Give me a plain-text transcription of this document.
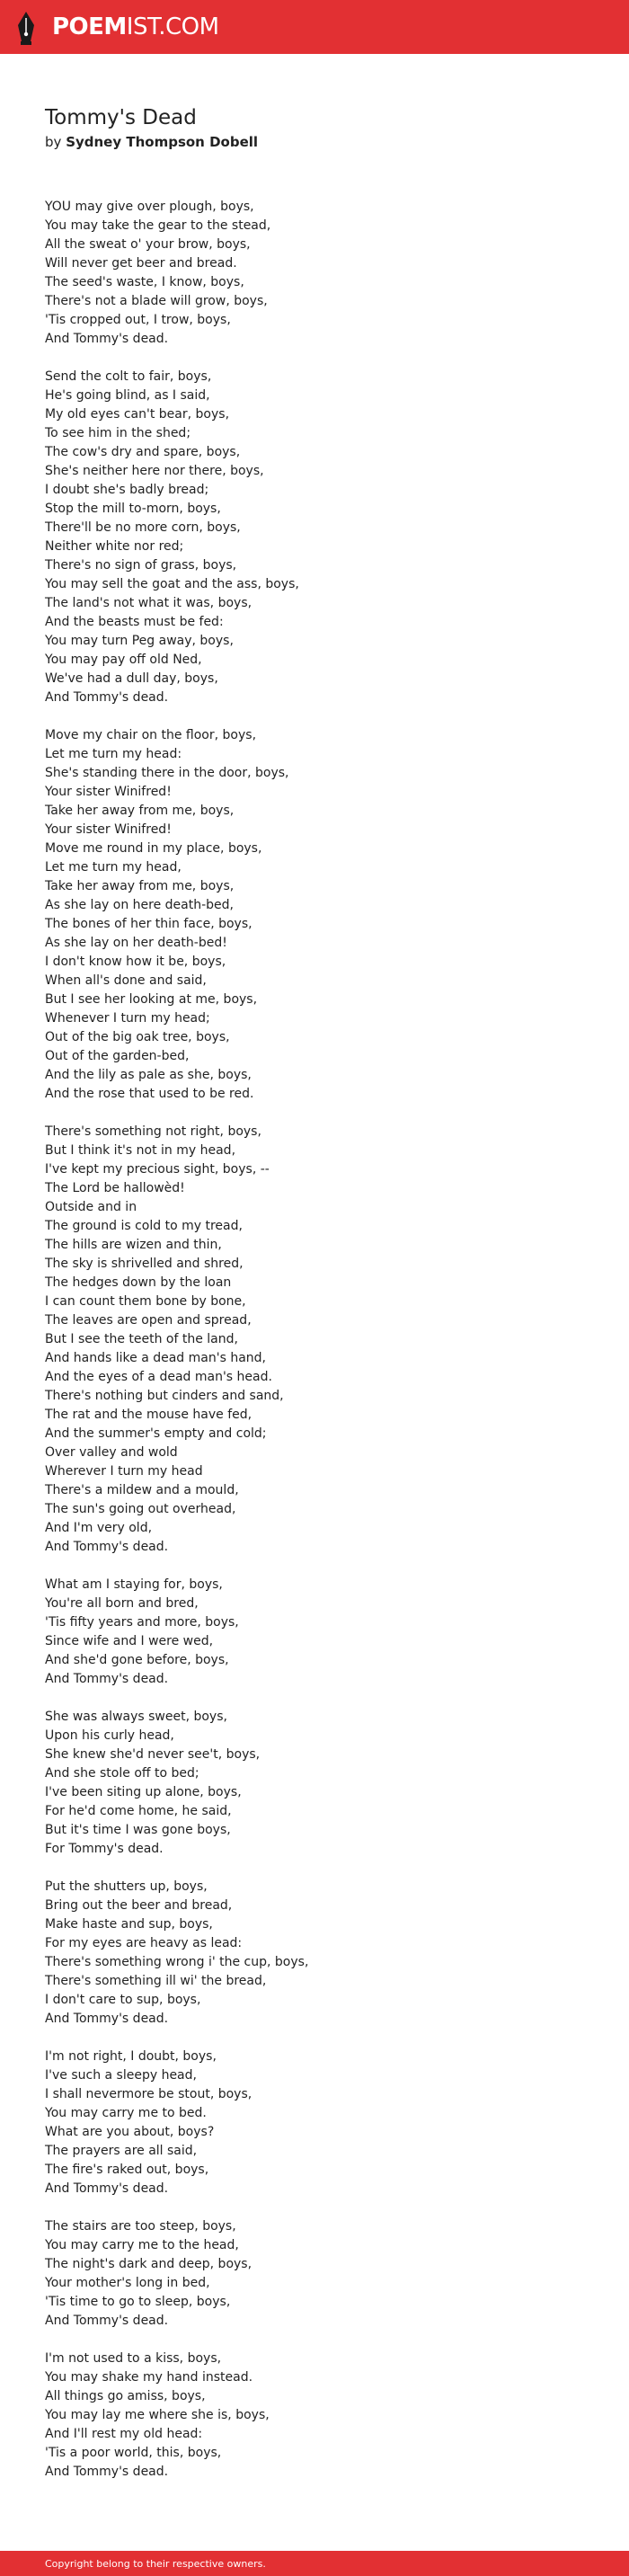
POEMIST.COM
Tommy's Dead
by Sydney Thompson Dobell
YOU may give over plough, boys,
You may take the gear to the stead,
All the sweat o' your brow, boys,
Will never get beer and bread.
The seed's waste, I know, boys,
There's not a blade will grow, boys,
'Tis cropped out, I trow, boys,
And Tommy's dead.
Send the colt to fair, boys,
He's going blind, as I said,
My old eyes can't bear, boys,
To see him in the shed;
The cow's dry and spare, boys,
She's neither here nor there, boys,
I doubt she's badly bread;
Stop the mill to-morn, boys,
There'll be no more corn, boys,
Neither white nor red;
There's no sign of grass, boys,
You may sell the goat and the ass, boys,
The land's not what it was, boys,
And the beasts must be fed:
You may turn Peg away, boys,
You may pay off old Ned,
We've had a dull day, boys,
And Tommy's dead.
Move my chair on the floor, boys,
Let me turn my head:
She's standing there in the door, boys,
Your sister Winifred!
Take her away from me, boys,
Your sister Winifred!
Move me round in my place, boys,
Let me turn my head,
Take her away from me, boys,
As she lay on here death-bed,
The bones of her thin face, boys,
As she lay on her death-bed!
I don't know how it be, boys,
When all's done and said,
But I see her looking at me, boys,
Whenever I turn my head;
Out of the big oak tree, boys,
Out of the garden-bed,
And the lily as pale as she, boys,
And the rose that used to be red.
There's something not right, boys,
But I think it's not in my head,
I've kept my precious sight, boys, --
The Lord be hallowèd!
Outside and in
The ground is cold to my tread,
The hills are wizen and thin,
The sky is shrivelled and shred,
The hedges down by the loan
I can count them bone by bone,
The leaves are open and spread,
But I see the teeth of the land,
And hands like a dead man's hand,
And the eyes of a dead man's head.
There's nothing but cinders and sand,
The rat and the mouse have fed,
And the summer's empty and cold;
Over valley and wold
Wherever I turn my head
There's a mildew and a mould,
The sun's going out overhead,
And I'm very old,
And Tommy's dead.
What am I staying for, boys,
You're all born and bred,
'Tis fifty years and more, boys,
Since wife and I were wed,
And she'd gone before, boys,
And Tommy's dead.
She was always sweet, boys,
Upon his curly head,
She knew she'd never see't, boys,
And she stole off to bed;
I've been siting up alone, boys,
For he'd come home, he said,
But it's time I was gone boys,
For Tommy's dead.
Put the shutters up, boys,
Bring out the beer and bread,
Make haste and sup, boys,
For my eyes are heavy as lead:
There's something wrong i' the cup, boys,
There's something ill wi' the bread,
I don't care to sup, boys,
And Tommy's dead.
I'm not right, I doubt, boys,
I've such a sleepy head,
I shall nevermore be stout, boys,
You may carry me to bed.
What are you about, boys?
The prayers are all said,
The fire's raked out, boys,
And Tommy's dead.
The stairs are too steep, boys,
You may carry me to the head,
The night's dark and deep, boys,
Your mother's long in bed,
'Tis time to go to sleep, boys,
And Tommy's dead.
I'm not used to a kiss, boys,
You may shake my hand instead.
All things go amiss, boys,
You may lay me where she is, boys,
And I'll rest my old head:
'Tis a poor world, this, boys,
And Tommy's dead.
Copyright belong to their respective owners.
